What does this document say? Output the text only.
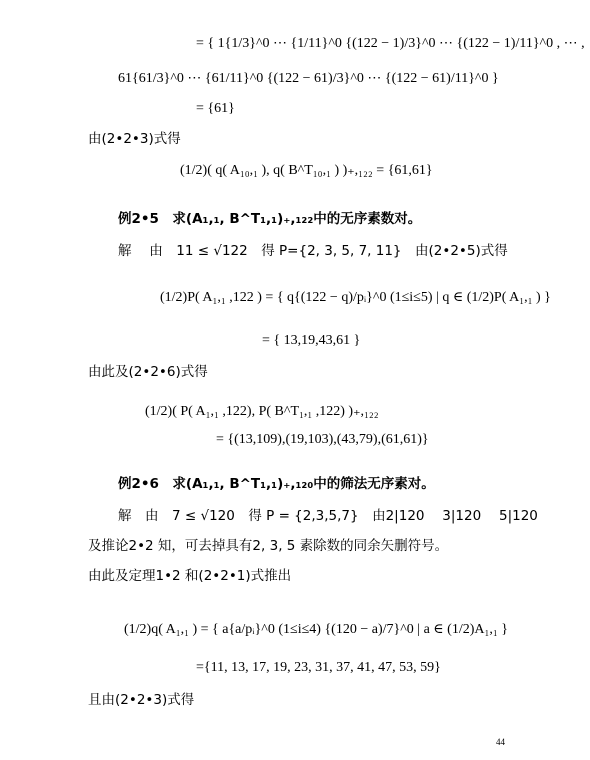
= { 1{1/3}^0 ⋯ {1/11}^0 {(122 − 1)/3}^0 ⋯ {(122 − 1)/11}^0 , ⋯ ,
61{61/3}^0 ⋯ {61/11}^0 {(122 − 61)/3}^0 ⋯ {(122 − 61)/11}^0 }
= {61}
由(2•2•3)式得
(1/2)( q( A₁₀,₁ ), q( B^T₁₀,₁ ) )₊,₁₂₂ = {61,61}
例2•5　求(A₁,₁, B^T₁,₁)₊,₁₂₂中的无序素数对。
解　 由　11 ≤ √122　得 P={2, 3, 5, 7, 11}　由(2•2•5)式得
(1/2)P( A₁,₁ ,122 ) = { q{(122 − q)/pᵢ}^0 (1≤i≤5) | q ∈ (1/2)P( A₁,₁ ) }
= { 13,19,43,61 }
由此及(2•2•6)式得
(1/2)( P( A₁,₁ ,122), P( B^T₁,₁ ,122) )₊,₁₂₂
= {(13,109),(19,103),(43,79),(61,61)}
例2•6　求(A₁,₁, B^T₁,₁)₊,₁₂₀中的筛法无序素对。
解　由　7 ≤ √120　得 P = {2,3,5,7}　由2|120　 3|120　 5|120
及推论2•2 知，可去掉具有2, 3, 5 素除数的同余矢删符号。
由此及定理1•2 和(2•2•1)式推出
(1/2)q( A₁,₁ ) = { a{a/pᵢ}^0 (1≤i≤4) {(120 − a)/7}^0 | a ∈ (1/2)A₁,₁ }
={11, 13, 17, 19, 23, 31, 37, 41, 47, 53, 59}
且由(2•2•3)式得
44
